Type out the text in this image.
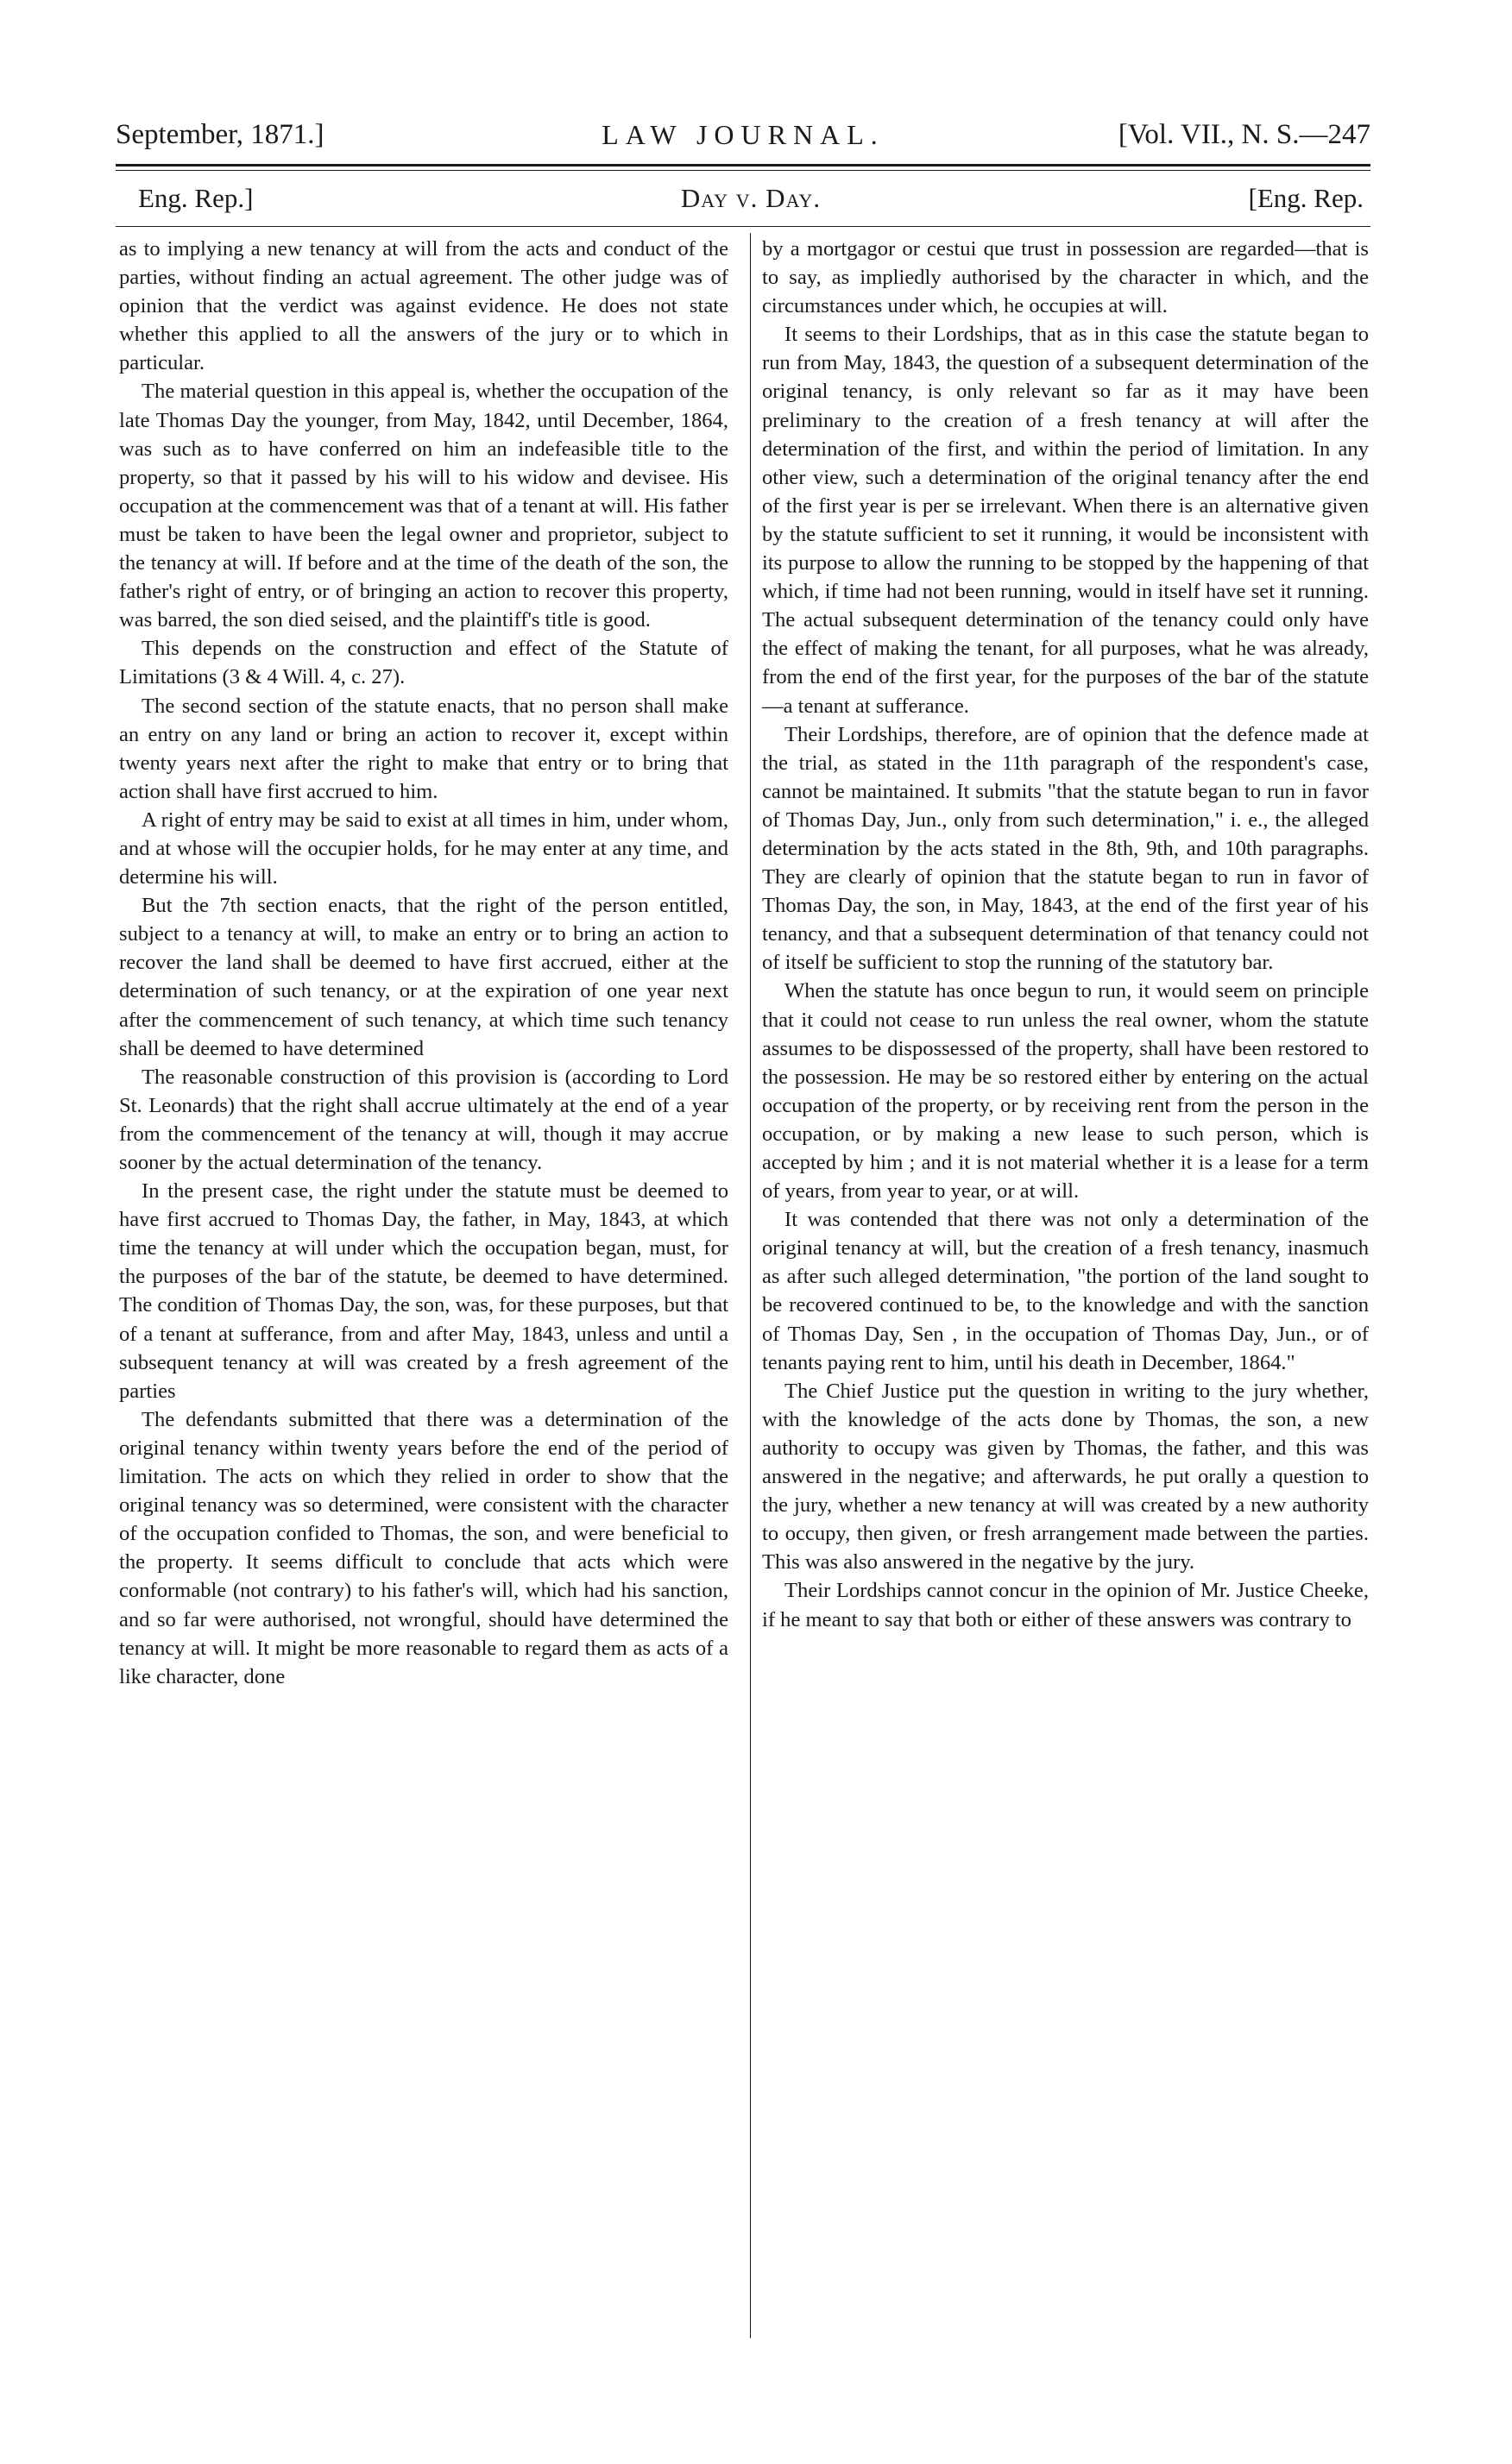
September, 1871.]	LAW JOURNAL.	[Vol. VII., N. S.—247
Eng. Rep.]	Day v. Day.	[Eng. Rep.

as to implying a new tenancy at will from the acts and conduct of the parties, without finding an actual agreement. The other judge was of opinion that the verdict was against evidence. He does not state whether this applied to all the answers of the jury or to which in particular.

The material question in this appeal is, whether the occupation of the late Thomas Day the younger, from May, 1842, until December, 1864, was such as to have conferred on him an indefeasible title to the property, so that it passed by his will to his widow and devisee. His occupation at the commencement was that of a tenant at will. His father must be taken to have been the legal owner and proprietor, subject to the tenancy at will. If before and at the time of the death of the son, the father's right of entry, or of bringing an action to recover this property, was barred, the son died seised, and the plaintiff's title is good.

This depends on the construction and effect of the Statute of Limitations (3 & 4 Will. 4, c. 27).

The second section of the statute enacts, that no person shall make an entry on any land or bring an action to recover it, except within twenty years next after the right to make that entry or to bring that action shall have first accrued to him.

A right of entry may be said to exist at all times in him, under whom, and at whose will the occupier holds, for he may enter at any time, and determine his will.

But the 7th section enacts, that the right of the person entitled, subject to a tenancy at will, to make an entry or to bring an action to recover the land shall be deemed to have first accrued, either at the determination of such tenancy, or at the expiration of one year next after the commencement of such tenancy, at which time such tenancy shall be deemed to have determined

The reasonable construction of this provision is (according to Lord St. Leonards) that the right shall accrue ultimately at the end of a year from the commencement of the tenancy at will, though it may accrue sooner by the actual determination of the tenancy.

In the present case, the right under the statute must be deemed to have first accrued to Thomas Day, the father, in May, 1843, at which time the tenancy at will under which the occupation began, must, for the purposes of the bar of the statute, be deemed to have determined. The condition of Thomas Day, the son, was, for these purposes, but that of a tenant at sufferance, from and after May, 1843, unless and until a subsequent tenancy at will was created by a fresh agreement of the parties

The defendants submitted that there was a determination of the original tenancy within twenty years before the end of the period of limitation. The acts on which they relied in order to show that the original tenancy was so determined, were consistent with the character of the occupation confided to Thomas, the son, and were beneficial to the property. It seems difficult to conclude that acts which were conformable (not contrary) to his father's will, which had his sanction, and so far were authorised, not wrongful, should have determined the tenancy at will. It might be more reasonable to regard them as acts of a like character, done

by a mortgagor or cestui que trust in possession are regarded—that is to say, as impliedly authorised by the character in which, and the circumstances under which, he occupies at will.

It seems to their Lordships, that as in this case the statute began to run from May, 1843, the question of a subsequent determination of the original tenancy, is only relevant so far as it may have been preliminary to the creation of a fresh tenancy at will after the determination of the first, and within the period of limitation. In any other view, such a determination of the original tenancy after the end of the first year is per se irrelevant. When there is an alternative given by the statute sufficient to set it running, it would be inconsistent with its purpose to allow the running to be stopped by the happening of that which, if time had not been running, would in itself have set it running. The actual subsequent determination of the tenancy could only have the effect of making the tenant, for all purposes, what he was already, from the end of the first year, for the purposes of the bar of the statute—a tenant at sufferance.

Their Lordships, therefore, are of opinion that the defence made at the trial, as stated in the 11th paragraph of the respondent's case, cannot be maintained. It submits "that the statute began to run in favor of Thomas Day, Jun., only from such determination," i. e., the alleged determination by the acts stated in the 8th, 9th, and 10th paragraphs. They are clearly of opinion that the statute began to run in favor of Thomas Day, the son, in May, 1843, at the end of the first year of his tenancy, and that a subsequent determination of that tenancy could not of itself be sufficient to stop the running of the statutory bar.

When the statute has once begun to run, it would seem on principle that it could not cease to run unless the real owner, whom the statute assumes to be dispossessed of the property, shall have been restored to the possession. He may be so restored either by entering on the actual occupation of the property, or by receiving rent from the person in the occupation, or by making a new lease to such person, which is accepted by him ; and it is not material whether it is a lease for a term of years, from year to year, or at will.

It was contended that there was not only a determination of the original tenancy at will, but the creation of a fresh tenancy, inasmuch as after such alleged determination, "the portion of the land sought to be recovered continued to be, to the knowledge and with the sanction of Thomas Day, Sen , in the occupation of Thomas Day, Jun., or of tenants paying rent to him, until his death in December, 1864."

The Chief Justice put the question in writing to the jury whether, with the knowledge of the acts done by Thomas, the son, a new authority to occupy was given by Thomas, the father, and this was answered in the negative; and afterwards, he put orally a question to the jury, whether a new tenancy at will was created by a new authority to occupy, then given, or fresh arrangement made between the parties. This was also answered in the negative by the jury.

Their Lordships cannot concur in the opinion of Mr. Justice Cheeke, if he meant to say that both or either of these answers was contrary to
